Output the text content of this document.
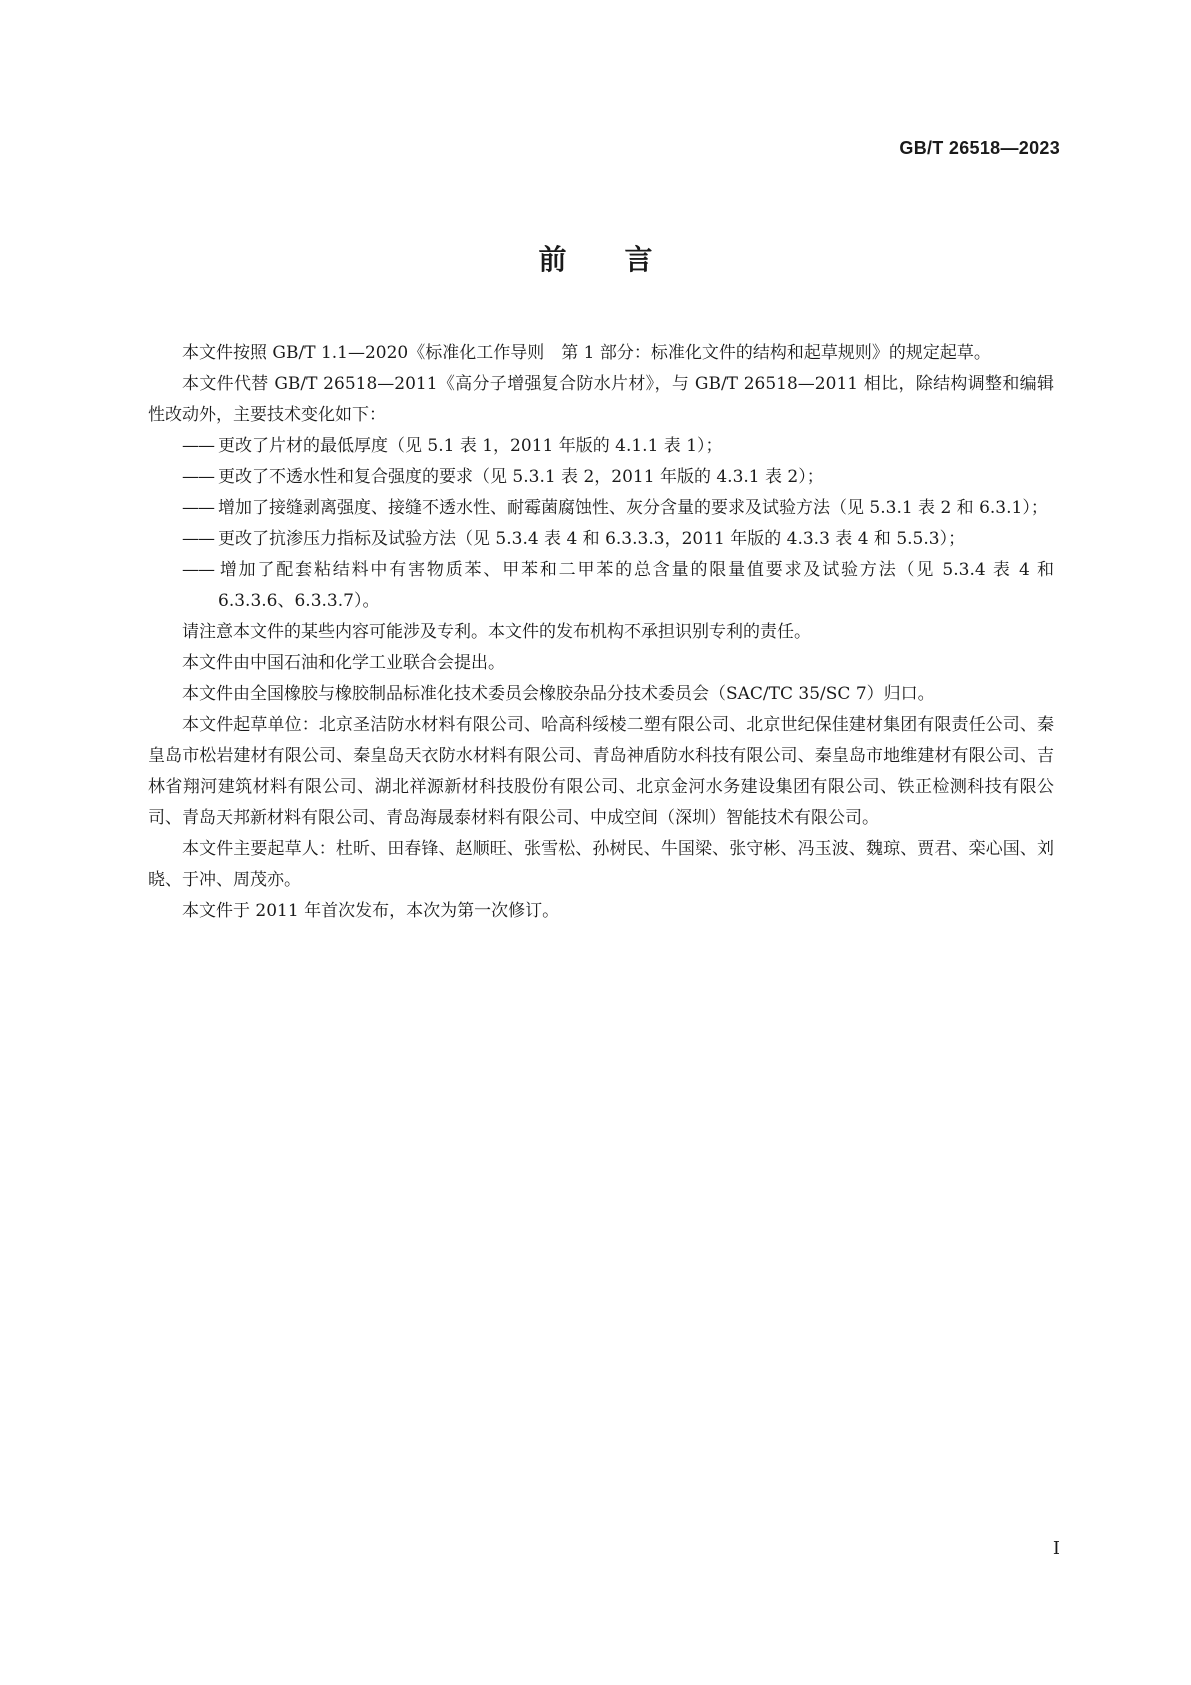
GB/T 26518—2023
前言

本文件按照 GB/T 1.1—2020《标准化工作导则　第 1 部分：标准化文件的结构和起草规则》的规定起草。

本文件代替 GB/T 26518—2011《高分子增强复合防水片材》，与 GB/T 26518—2011 相比，除结构调整和编辑性改动外，主要技术变化如下：

—— 更改了片材的最低厚度（见 5.1 表 1，2011 年版的 4.1.1 表 1）；

—— 更改了不透水性和复合强度的要求（见 5.3.1 表 2，2011 年版的 4.3.1 表 2）；

—— 增加了接缝剥离强度、接缝不透水性、耐霉菌腐蚀性、灰分含量的要求及试验方法（见 5.3.1 表 2 和 6.3.1）；

—— 更改了抗渗压力指标及试验方法（见 5.3.4 表 4 和 6.3.3.3，2011 年版的 4.3.3 表 4 和 5.5.3）；

—— 增加了配套粘结料中有害物质苯、甲苯和二甲苯的总含量的限量值要求及试验方法（见 5.3.4 表 4 和 6.3.3.6、6.3.3.7）。

请注意本文件的某些内容可能涉及专利。本文件的发布机构不承担识别专利的责任。

本文件由中国石油和化学工业联合会提出。

本文件由全国橡胶与橡胶制品标准化技术委员会橡胶杂品分技术委员会（SAC/TC 35/SC 7）归口。

本文件起草单位：北京圣洁防水材料有限公司、哈高科绥棱二塑有限公司、北京世纪保佳建材集团有限责任公司、秦皇岛市松岩建材有限公司、秦皇岛天衣防水材料有限公司、青岛神盾防水科技有限公司、秦皇岛市地维建材有限公司、吉林省翔河建筑材料有限公司、湖北祥源新材科技股份有限公司、北京金河水务建设集团有限公司、铁正检测科技有限公司、青岛天邦新材料有限公司、青岛海晟泰材料有限公司、中成空间（深圳）智能技术有限公司。

本文件主要起草人：杜昕、田春锋、赵顺旺、张雪松、孙树民、牛国梁、张守彬、冯玉波、魏琼、贾君、栾心国、刘晓、于冲、周茂亦。

本文件于 2011 年首次发布，本次为第一次修订。

I
